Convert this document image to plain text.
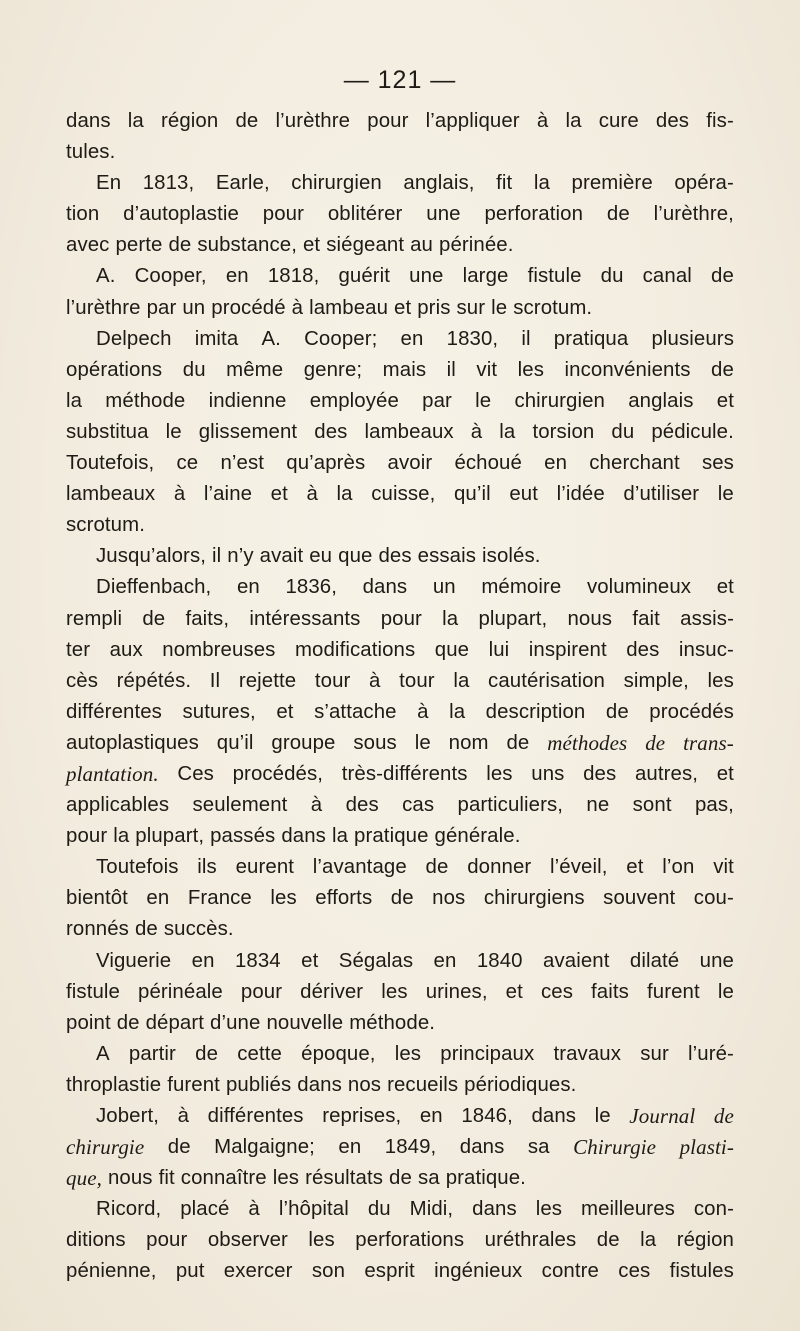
— 121 —
dans la région de l’urèthre pour l’appliquer à la cure des fis-
tules.
En 1813, Earle, chirurgien anglais, fit la première opéra-
tion d’autoplastie pour oblitérer une perforation de l’urèthre,
avec perte de substance, et siégeant au périnée.
A. Cooper, en 1818, guérit une large fistule du canal de
l’urèthre par un procédé à lambeau et pris sur le scrotum.
Delpech imita A. Cooper; en 1830, il pratiqua plusieurs
opérations du même genre; mais il vit les inconvénients de
la méthode indienne employée par le chirurgien anglais et
substitua le glissement des lambeaux à la torsion du pédicule.
Toutefois, ce n’est qu’après avoir échoué en cherchant ses
lambeaux à l’aine et à la cuisse, qu’il eut l’idée d’utiliser le
scrotum.
Jusqu’alors, il n’y avait eu que des essais isolés.
Dieffenbach, en 1836, dans un mémoire volumineux et
rempli de faits, intéressants pour la plupart, nous fait assis-
ter aux nombreuses modifications que lui inspirent des insuc-
cès répétés. Il rejette tour à tour la cautérisation simple, les
différentes sutures, et s’attache à la description de procédés
autoplastiques qu’il groupe sous le nom de méthodes de trans-
plantation. Ces procédés, très-différents les uns des autres, et
applicables seulement à des cas particuliers, ne sont pas,
pour la plupart, passés dans la pratique générale.
Toutefois ils eurent l’avantage de donner l’éveil, et l’on vit
bientôt en France les efforts de nos chirurgiens souvent cou-
ronnés de succès.
Viguerie en 1834 et Ségalas en 1840 avaient dilaté une
fistule périnéale pour dériver les urines, et ces faits furent le
point de départ d’une nouvelle méthode.
A partir de cette époque, les principaux travaux sur l’uré-
throplastie furent publiés dans nos recueils périodiques.
Jobert, à différentes reprises, en 1846, dans le Journal de
chirurgie de Malgaigne; en 1849, dans sa Chirurgie plasti-
que, nous fit connaître les résultats de sa pratique.
Ricord, placé à l’hôpital du Midi, dans les meilleures con-
ditions pour observer les perforations uréthrales de la région
pénienne, put exercer son esprit ingénieux contre ces fistules
